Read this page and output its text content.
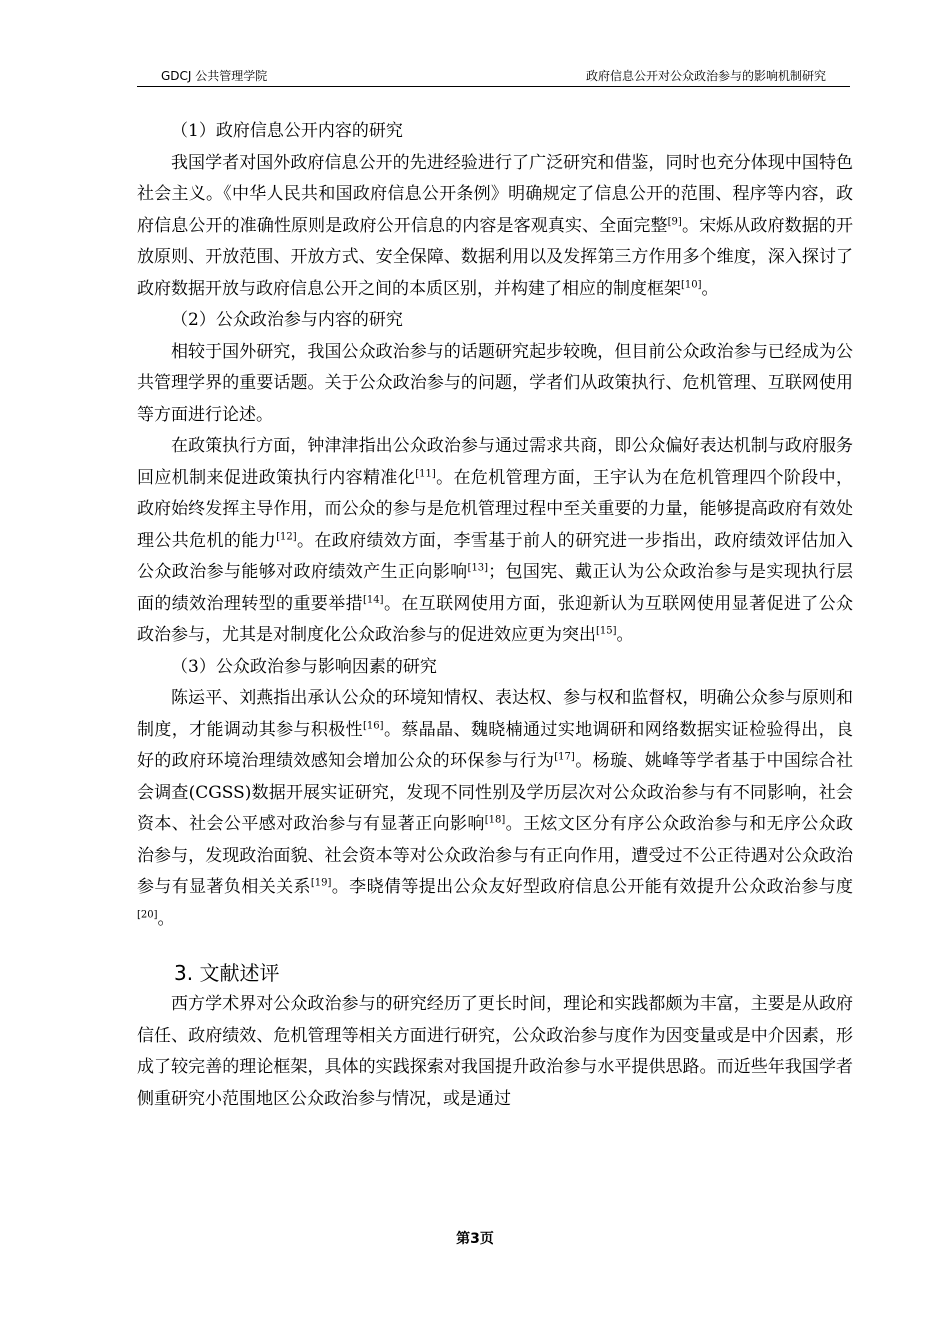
GDCJ 公共管理学院	政府信息公开对公众政治参与的影响机制研究

（1）政府信息公开内容的研究

我国学者对国外政府信息公开的先进经验进行了广泛研究和借鉴，同时也充分体现中国特色社会主义。《中华人民共和国政府信息公开条例》明确规定了信息公开的范围、程序等内容，政府信息公开的准确性原则是政府公开信息的内容是客观真实、全面完整[9]。宋烁从政府数据的开放原则、开放范围、开放方式、安全保障、数据利用以及发挥第三方作用多个维度，深入探讨了政府数据开放与政府信息公开之间的本质区别，并构建了相应的制度框架[10]。

（2）公众政治参与内容的研究

相较于国外研究，我国公众政治参与的话题研究起步较晚，但目前公众政治参与已经成为公共管理学界的重要话题。关于公众政治参与的问题，学者们从政策执行、危机管理、互联网使用等方面进行论述。

在政策执行方面，钟津津指出公众政治参与通过需求共商，即公众偏好表达机制与政府服务回应机制来促进政策执行内容精准化[11]。在危机管理方面，王宇认为在危机管理四个阶段中，政府始终发挥主导作用，而公众的参与是危机管理过程中至关重要的力量，能够提高政府有效处理公共危机的能力[12]。在政府绩效方面，李雪基于前人的研究进一步指出，政府绩效评估加入公众政治参与能够对政府绩效产生正向影响[13]；包国宪、戴正认为公众政治参与是实现执行层面的绩效治理转型的重要举措[14]。在互联网使用方面，张迎新认为互联网使用显著促进了公众政治参与，尤其是对制度化公众政治参与的促进效应更为突出[15]。

（3）公众政治参与影响因素的研究

陈运平、刘燕指出承认公众的环境知情权、表达权、参与权和监督权，明确公众参与原则和制度，才能调动其参与积极性[16]。蔡晶晶、魏晓楠通过实地调研和网络数据实证检验得出，良好的政府环境治理绩效感知会增加公众的环保参与行为[17]。杨璇、姚峰等学者基于中国综合社会调查(CGSS)数据开展实证研究，发现不同性别及学历层次对公众政治参与有不同影响，社会资本、社会公平感对政治参与有显著正向影响[18]。王炫文区分有序公众政治参与和无序公众政治参与，发现政治面貌、社会资本等对公众政治参与有正向作用，遭受过不公正待遇对公众政治参与有显著负相关关系[19]。李晓倩等提出公众友好型政府信息公开能有效提升公众政治参与度[20]。

3. 文献述评

西方学术界对公众政治参与的研究经历了更长时间，理论和实践都颇为丰富，主要是从政府信任、政府绩效、危机管理等相关方面进行研究，公众政治参与度作为因变量或是中介因素，形成了较完善的理论框架，具体的实践探索对我国提升政治参与水平提供思路。而近些年我国学者侧重研究小范围地区公众政治参与情况，或是通过

第3页
